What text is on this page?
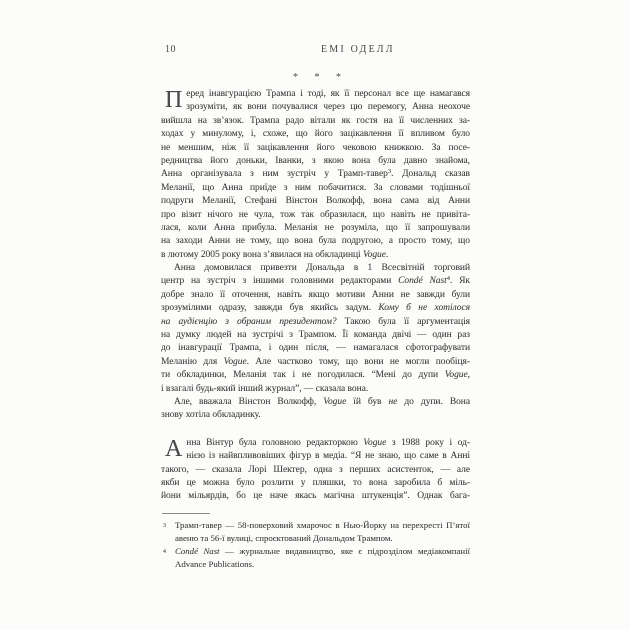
10	ЕМІ ОДЕЛЛ
* * *
П еред інавгурацією Трампа і тоді, як її персонал все ще намагався
зрозуміти, як вони почувалися через цю перемогу, Анна неохоче
вийшла на зв’язок. Трампа радо вітали як гостя на її численних за-
ходах у минулому, і, схоже, що його зацікавлення її впливом було
не меншим, ніж її зацікавлення його чековою книжкою. За посе-
редництва його доньки, Іванки, з якою вона була давно знайома,
Анна організувала з ним зустріч у Трамп-тавер$^3$. Дональд сказав
Меланії, що Анна приїде з ним побачитися. За словами тодішньої
подруги Меланії, Стефані Вінстон Волкофф, вона сама від Анни
про візит нічого не чула, тож так образилася, що навіть не привіта-
лася, коли Анна прибула. Меланія не розуміла, що її запрошували
на заходи Анни не тому, що вона була подругою, а просто тому, що
в лютому 2005 року вона з’явилася на обкладинці Vogue.
Анна домовилася привезти Дональда в 1 Всесвітній торговий
центр на зустріч з іншими головними редакторами Condé Nast$^4$. Як
добре знало її оточення, навіть якщо мотиви Анни не завжди були
зрозумілими одразу, завжди був якийсь задум. Кому б не хотілося
на аудієнцію з обраним президентом? Такою була її аргументація
на думку людей на зустрічі з Трампом. Її команда двічі — один раз
до інавгурації Трампа, і один після, — намагалася сфотографувати
Меланію для Vogue. Але частково тому, що вони не могли пообіця-
ти обкладинки, Меланія так і не погодилася. “Мені до дупи Vogue,
і взагалі будь-який інший журнал”, — сказала вона.
Але, вважала Вінстон Волкофф, Vogue їй був не до дупи. Вона
знову хотіла обкладинку.
А нна Вінтур була головною редакторкою Vogue з 1988 року і од-
нією із найвпливовіших фігур в медіа. “Я не знаю, що саме в Анні
такого, — сказала Лорі Шектер, одна з перших асистенток, — але
якби це можна було розлити у пляшки, то вона заробила б міль-
йони мільярдів, бо це наче якась магічна штукенція”. Однак бага-
3 Трамп-тавер — 58-поверховий хмарочос в Нью-Йорку на перехресті П’ятої
авеню та 56-ї вулиці, спроєктований Дональдом Трампом.
4 Condé Nast — журнальне видавництво, яке є підрозділом медіакомпанії
Advance Publications.
